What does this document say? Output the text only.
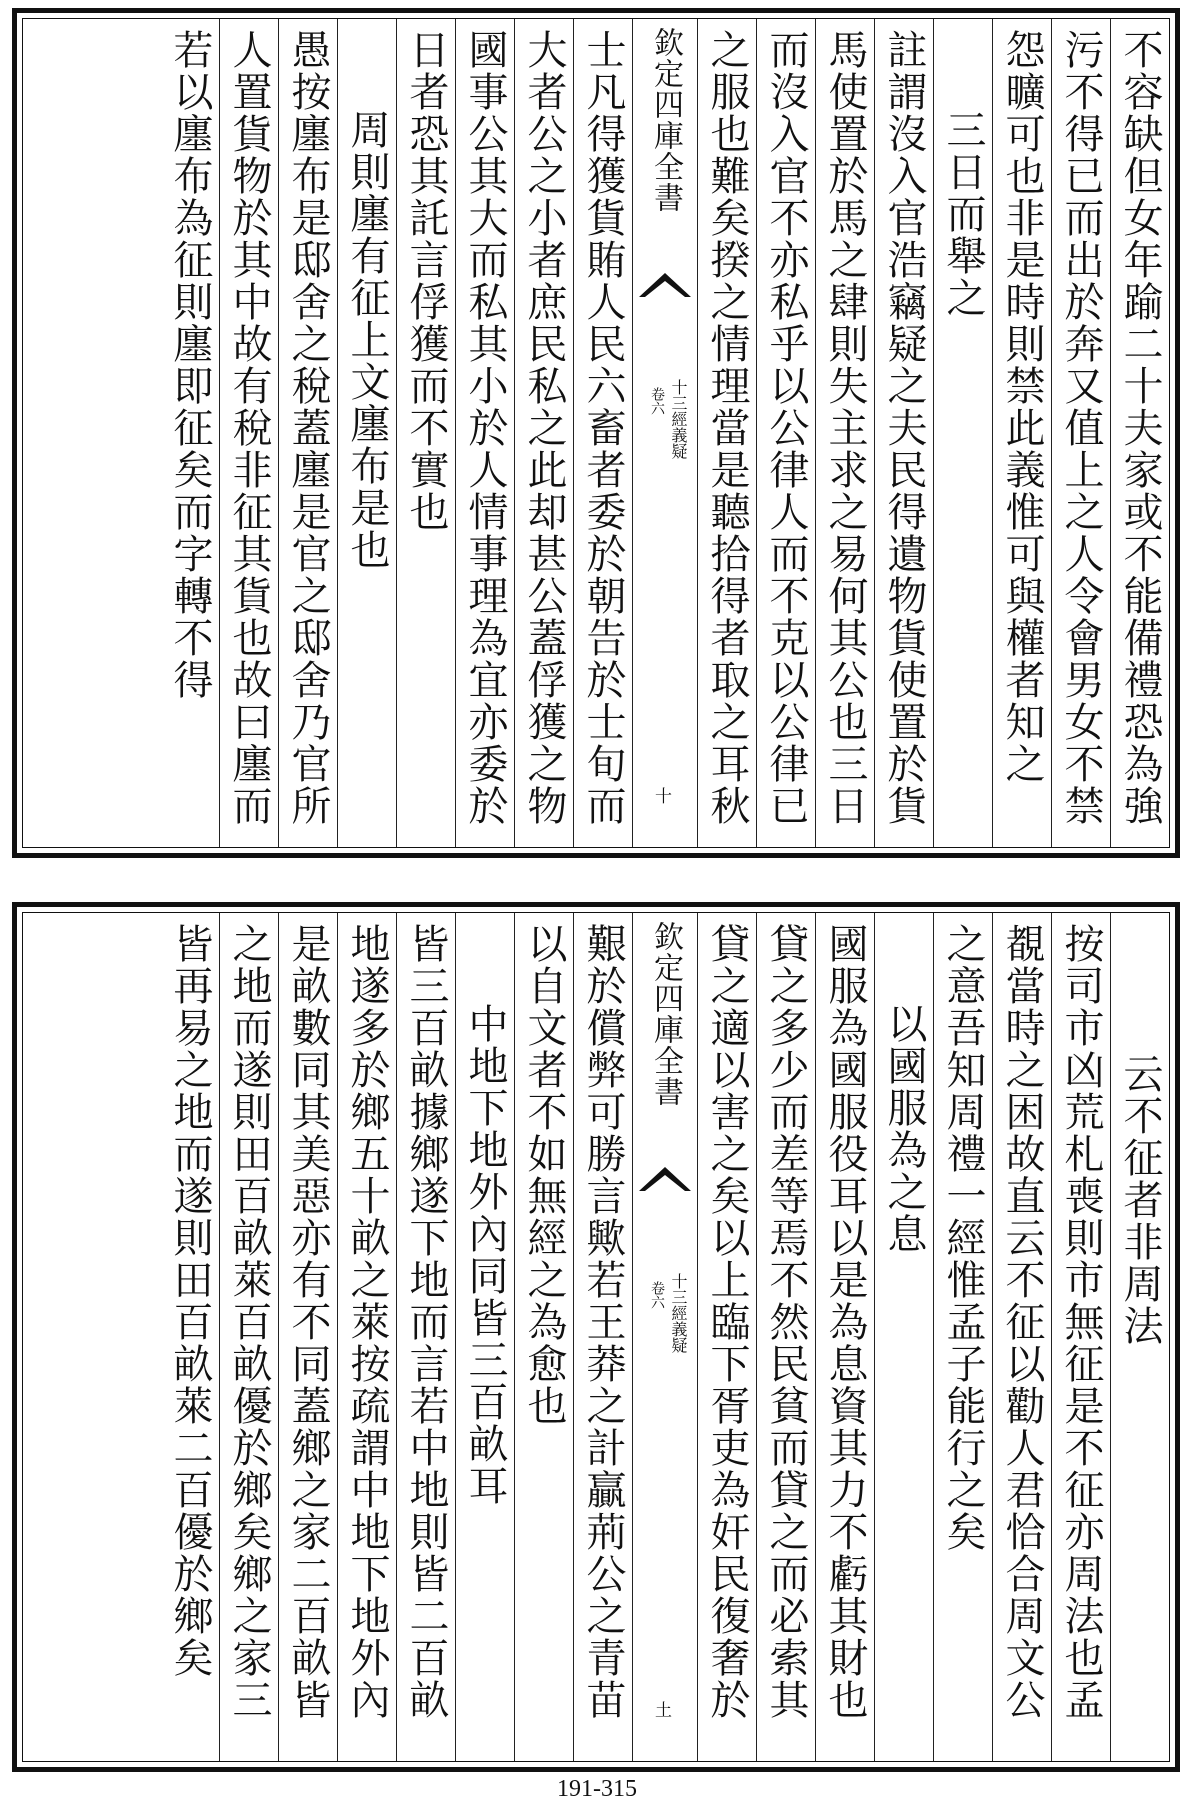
不容缺但女年踰二十夫家或不能備禮恐為強
污不得已而出於奔又值上之人令會男女不禁
怨曠可也非是時則禁此義惟可與權者知之
三日而舉之
註謂沒入官浩竊疑之夫民得遺物貨使置於貨
馬使置於馬之肆則失主求之易何其公也三日
而沒入官不亦私乎以公律人而不克以公律已
之服也難矣揆之情理當是聽拾得者取之耳秋
欽定四庫全書
十三經義疑
卷六
十
士凡得獲貨賄人民六畜者委於朝告於士旬而
大者公之小者庶民私之此却甚公蓋俘獲之物
國事公其大而私其小於人情事理為宜亦委於
日者恐其託言俘獲而不實也
周則廛有征上文廛布是也
愚按廛布是邸舍之稅蓋廛是官之邸舍乃官所
人置貨物於其中故有稅非征其貨也故曰廛而
若以廛布為征則廛即征矣而字轉不得
云不征者非周法
按司市凶荒札喪則市無征是不征亦周法也孟
覩當時之困故直云不征以勸人君恰合周文公
之意吾知周禮一經惟孟子能行之矣
以國服為之息
國服為國服役耳以是為息資其力不虧其財也
貸之多少而差等焉不然民貧而貸之而必索其
貸之適以害之矣以上臨下胥吏為奸民復奢於
欽定四庫全書
十三經義疑
卷六
土
艱於償弊可勝言歟若王莽之計贏荊公之青苗
以自文者不如無經之為愈也
中地下地外內同皆三百畝耳
皆三百畝據鄉遂下地而言若中地則皆二百畝
地遂多於鄉五十畝之萊按疏謂中地下地外內
是畝數同其美惡亦有不同蓋鄉之家二百畝皆
之地而遂則田百畝萊百畝優於鄉矣鄉之家三
皆再易之地而遂則田百畝萊二百優於鄉矣
191-315
